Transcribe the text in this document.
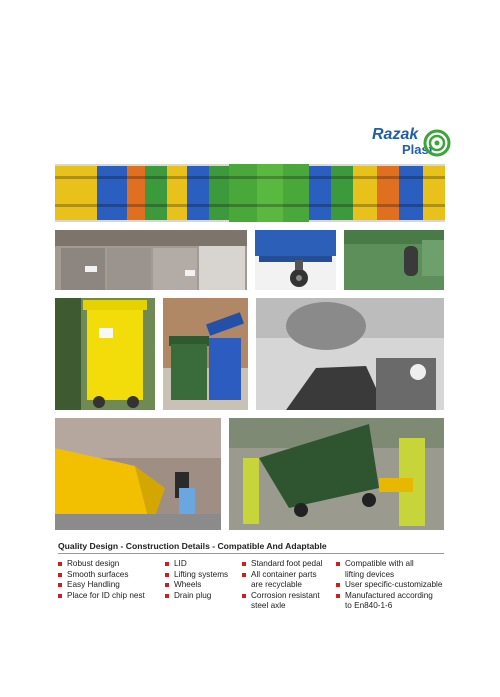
Razak
Plast
Quality Design - Construction Details - Compatible And Adaptable
Robust design
Smooth surfaces
Easy Handling
Place for ID chip nest
LID
Lifting systems
Wheels
Drain plug
Standard foot pedal
All container parts
are recyclable
Corrosion resistant
steel axle
Compatible with all
lifting devices
User specific-customizable
Manufactured according
to En840-1-6
